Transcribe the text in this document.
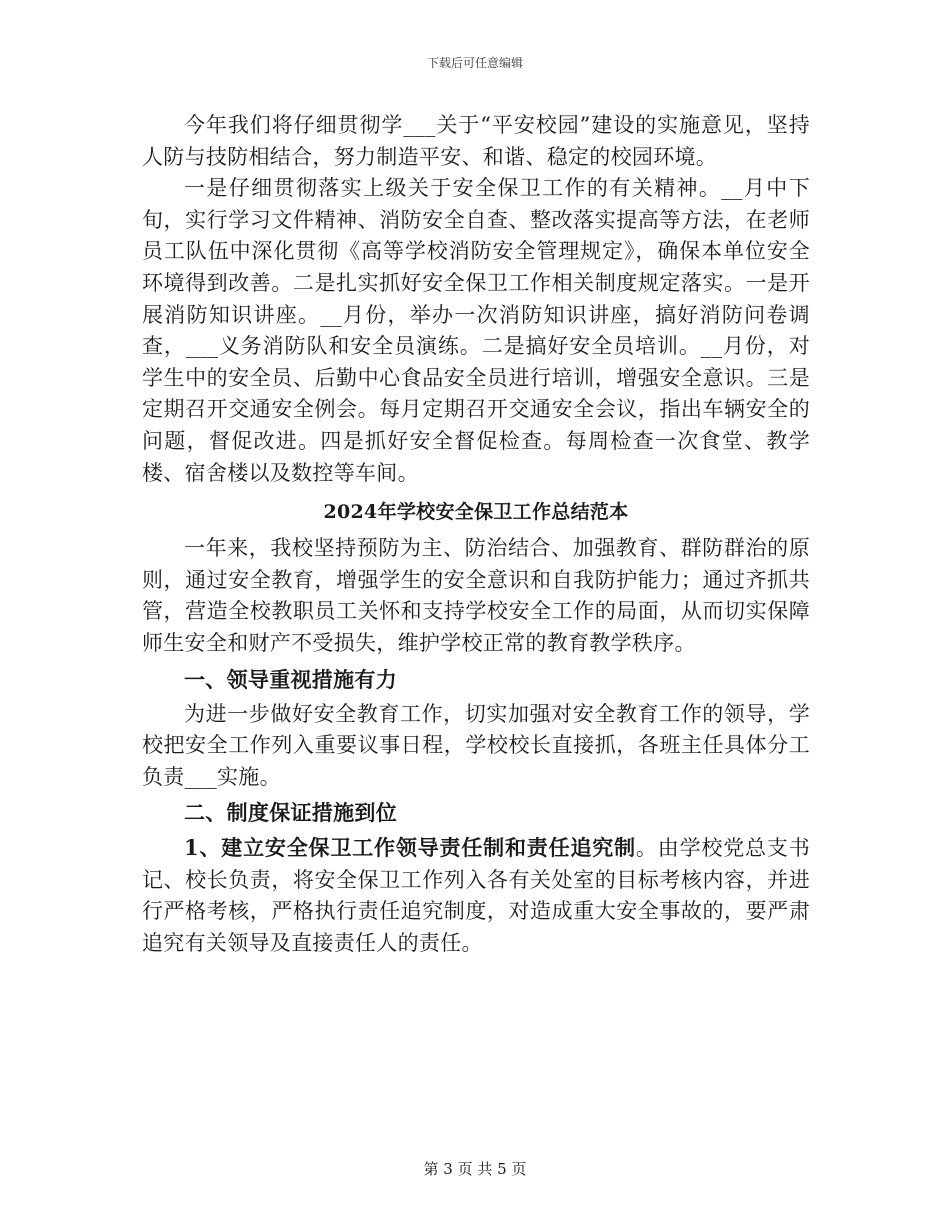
下载后可任意编辑

今年我们将仔细贯彻学___关于“平安校园”建设的实施意见，坚持人防与技防相结合，努力制造平安、和谐、稳定的校园环境。

一是仔细贯彻落实上级关于安全保卫工作的有关精神。__月中下旬，实行学习文件精神、消防安全自查、整改落实提高等方法，在老师员工队伍中深化贯彻《高等学校消防安全管理规定》，确保本单位安全环境得到改善。二是扎实抓好安全保卫工作相关制度规定落实。一是开展消防知识讲座。__月份，举办一次消防知识讲座，搞好消防问卷调查，___义务消防队和安全员演练。二是搞好安全员培训。__月份，对学生中的安全员、后勤中心食品安全员进行培训，增强安全意识。三是定期召开交通安全例会。每月定期召开交通安全会议，指出车辆安全的问题，督促改进。四是抓好安全督促检查。每周检查一次食堂、教学楼、宿舍楼以及数控等车间。

2024年学校安全保卫工作总结范本

一年来，我校坚持预防为主、防治结合、加强教育、群防群治的原则，通过安全教育，增强学生的安全意识和自我防护能力；通过齐抓共管，营造全校教职员工关怀和支持学校安全工作的局面，从而切实保障师生安全和财产不受损失，维护学校正常的教育教学秩序。

一、领导重视措施有力

为进一步做好安全教育工作，切实加强对安全教育工作的领导，学校把安全工作列入重要议事日程，学校校长直接抓，各班主任具体分工负责___实施。

二、制度保证措施到位

1、建立安全保卫工作领导责任制和责任追究制。由学校党总支书记、校长负责，将安全保卫工作列入各有关处室的目标考核内容，并进行严格考核，严格执行责任追究制度，对造成重大安全事故的，要严肃追究有关领导及直接责任人的责任。

第 3 页 共 5 页
